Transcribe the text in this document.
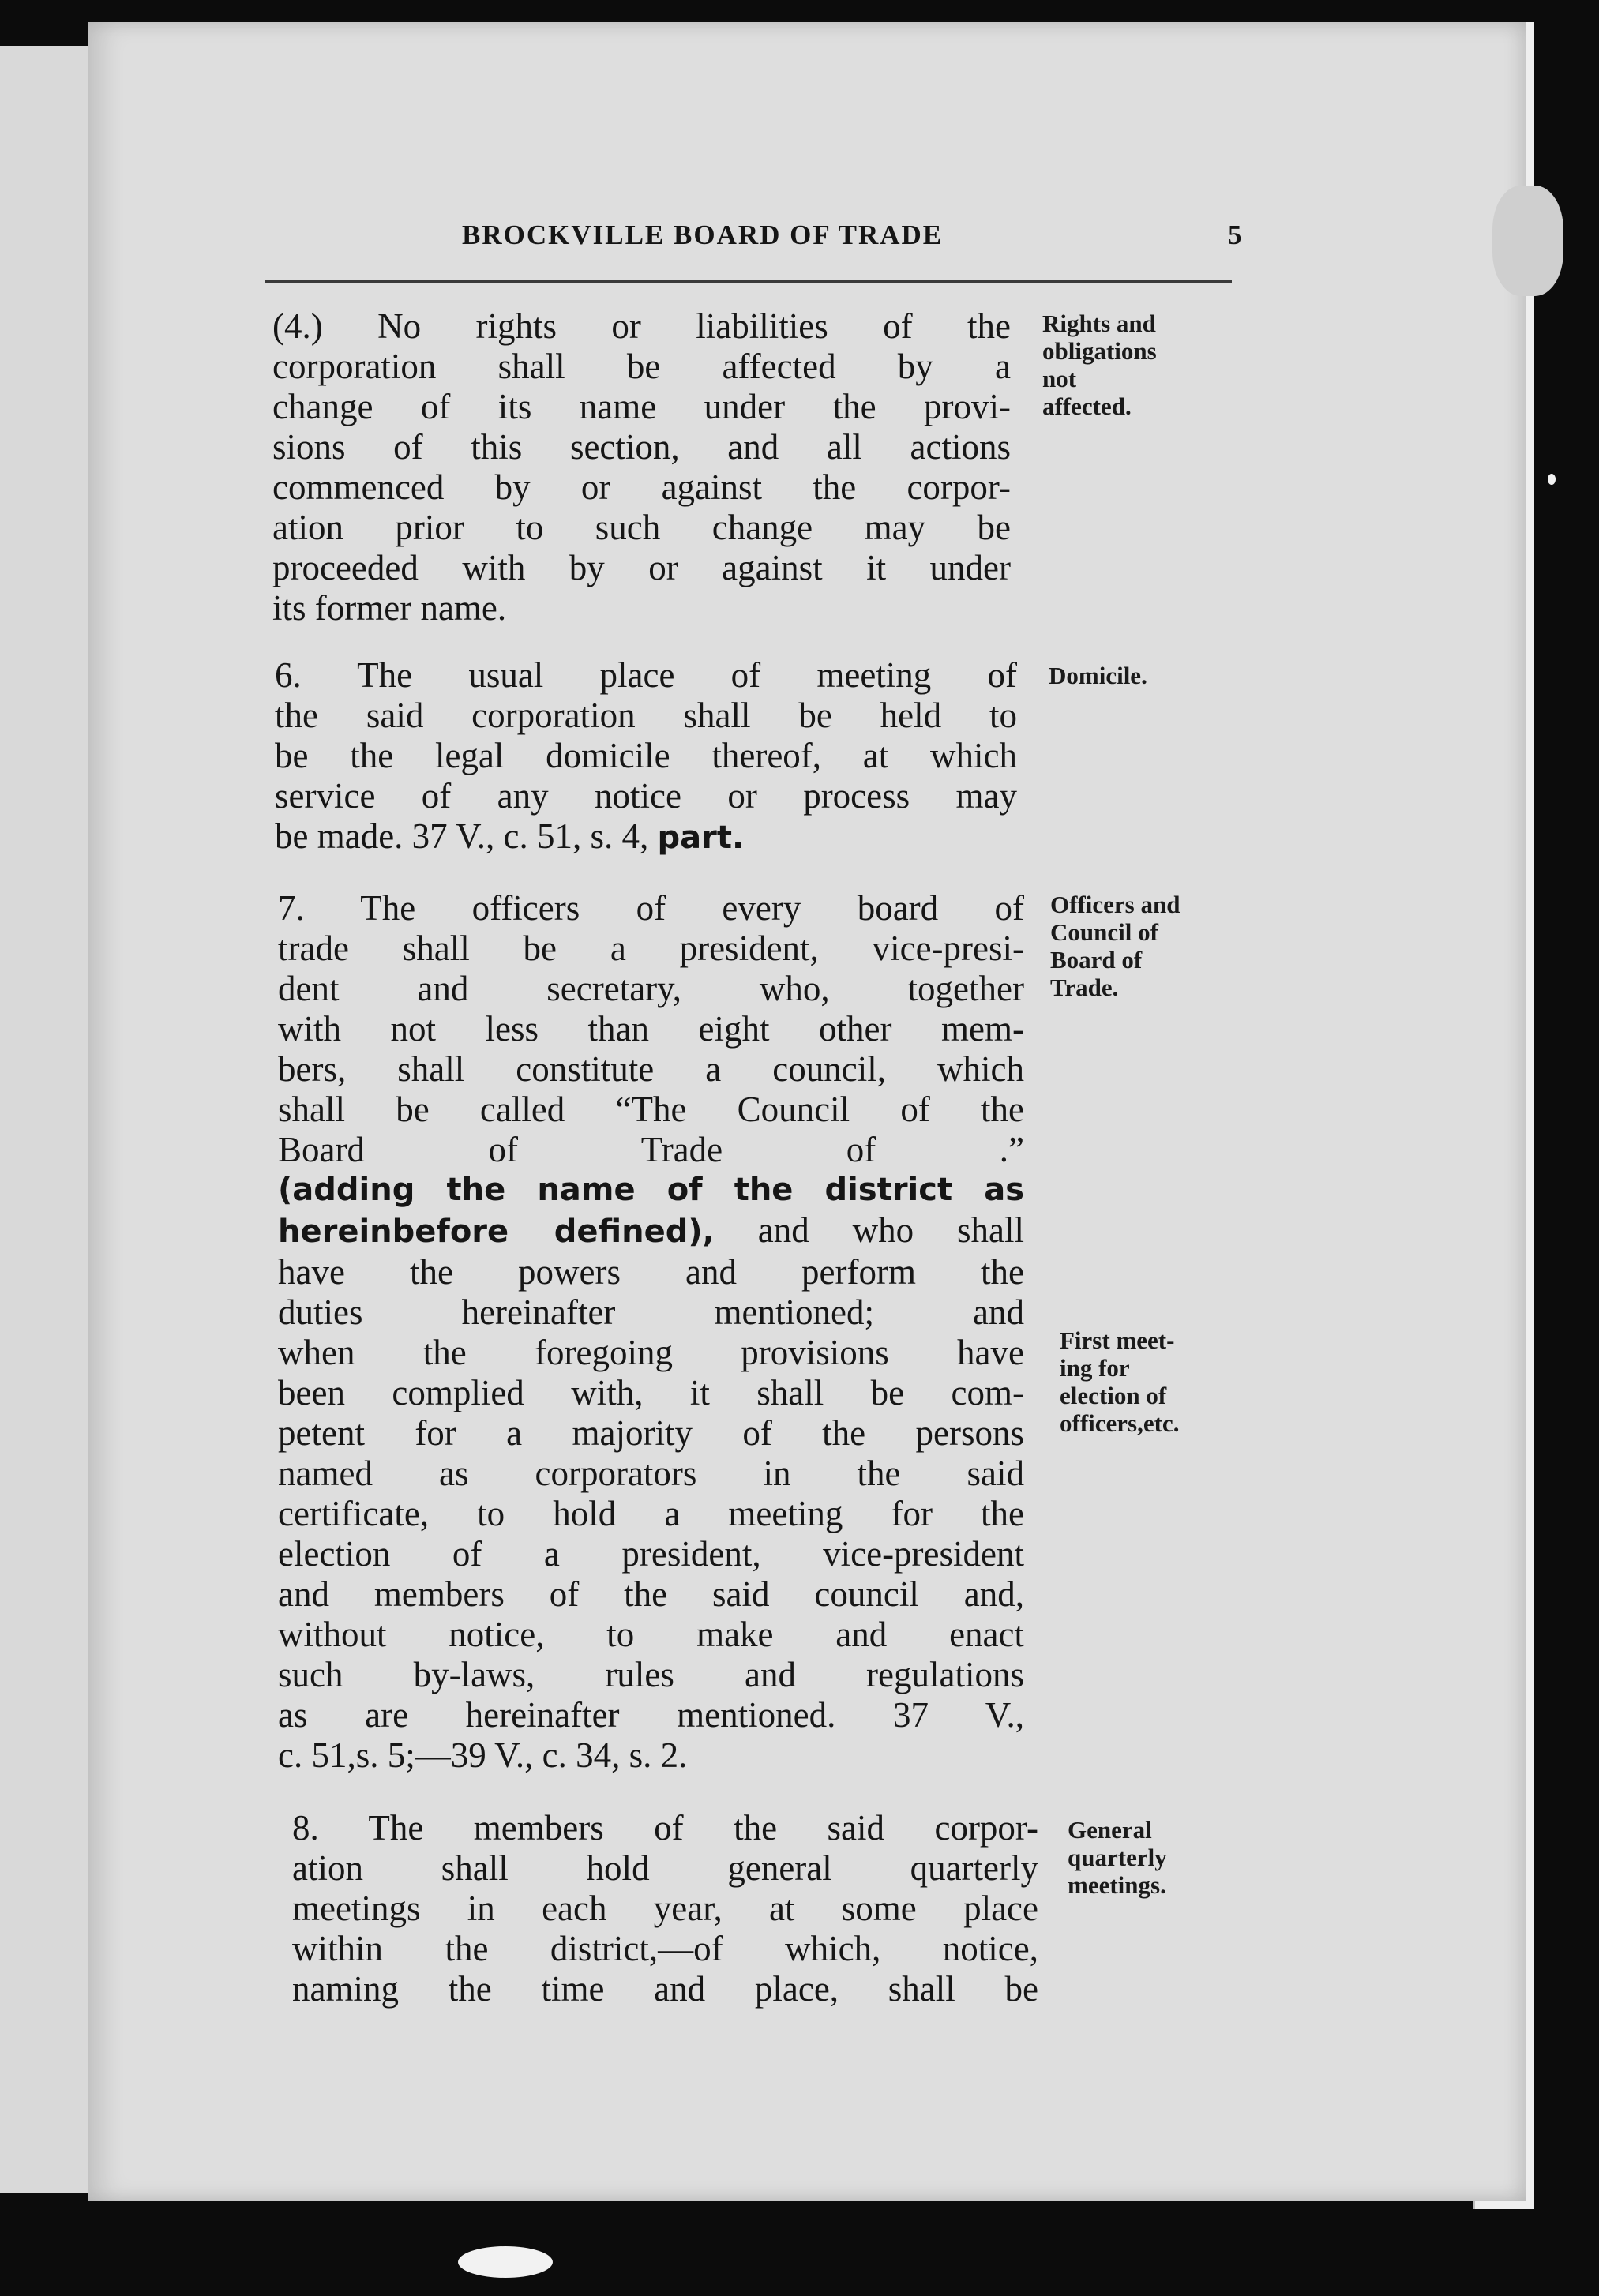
BROCKVILLE BOARD OF TRADE	5
(4.) No rights or liabilities of the
corporation shall be affected by a
change of its name under the provi-
sions of this section, and all actions
commenced by or against the corpor-
ation prior to such change may be
proceeded with by or against it under
its former name.
Rights and
obligations
not
affected.
6. The usual place of meeting of
the said corporation shall be held to
be the legal domicile thereof, at which
service of any notice or process may
be made. 37 V., c. 51, s. 4, part.
Domicile.
7. The officers of every board of
trade shall be a president, vice-presi-
dent and secretary, who, together
with not less than eight other mem-
bers, shall constitute a council, which
shall be called “The Council of the
Board of Trade of .”
(adding the name of the district as
hereinbefore defined), and who shall
have the powers and perform the
duties hereinafter mentioned; and
when the foregoing provisions have
been complied with, it shall be com-
petent for a majority of the persons
named as corporators in the said
certificate, to hold a meeting for the
election of a president, vice-president
and members of the said council and,
without notice, to make and enact
such by-laws, rules and regulations
as are hereinafter mentioned. 37 V.,
c. 51,s. 5;—39 V., c. 34, s. 2.
Officers and
Council of
Board of
Trade.
First meet-
ing for
election of
officers,etc.
8. The members of the said corpor-
ation shall hold general quarterly
meetings in each year, at some place
within the district,—of which, notice,
naming the time and place, shall be
General
quarterly
meetings.
